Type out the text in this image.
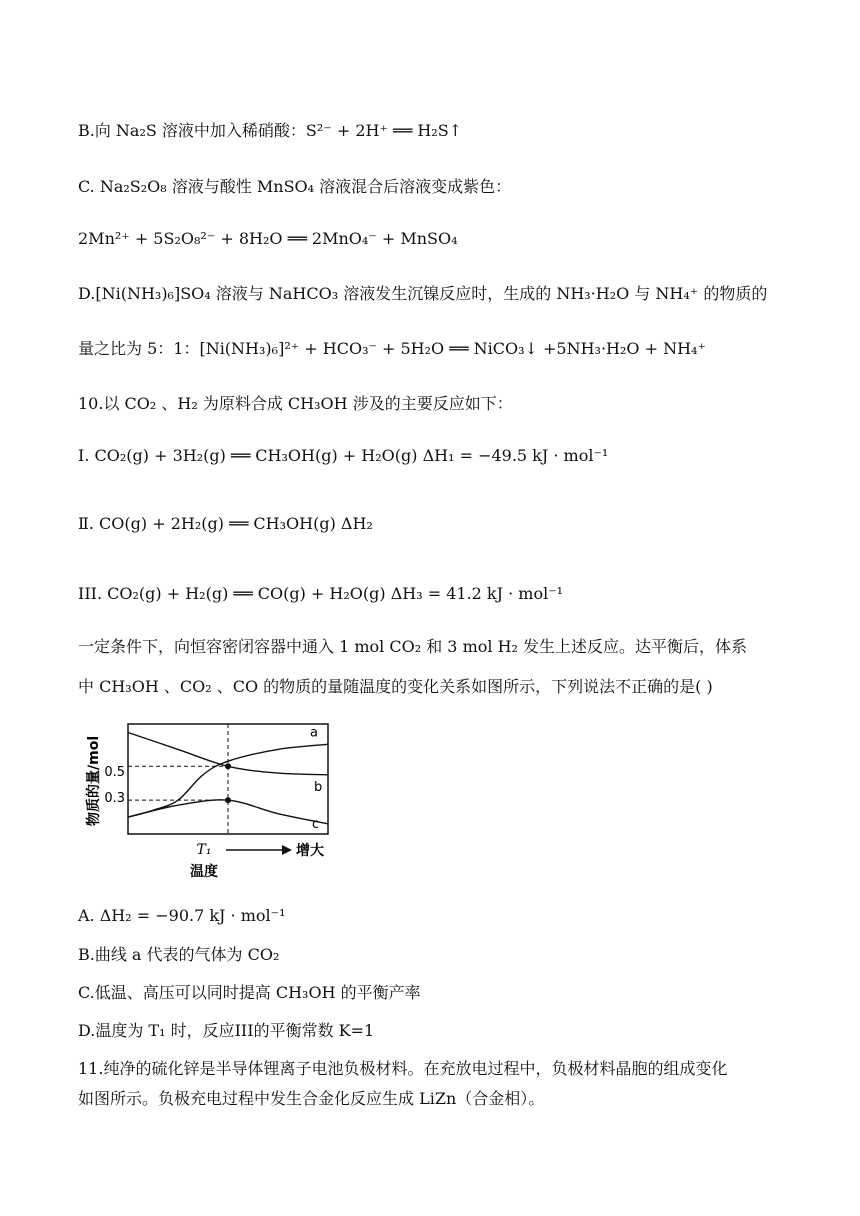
B.向 Na₂S 溶液中加入稀硝酸：S²⁻ + 2H⁺ ══ H₂S↑
C. Na₂S₂O₈ 溶液与酸性 MnSO₄ 溶液混合后溶液变成紫色：
2Mn²⁺ + 5S₂O₈²⁻ + 8H₂O ══ 2MnO₄⁻ + MnSO₄
D.[Ni(NH₃)₆]SO₄ 溶液与 NaHCO₃ 溶液发生沉镍反应时，生成的 NH₃·H₂O 与 NH₄⁺ 的物质的
量之比为 5：1：[Ni(NH₃)₆]²⁺ + HCO₃⁻ + 5H₂O ══ NiCO₃↓ +5NH₃·H₂O + NH₄⁺
10.以 CO₂ 、H₂ 为原料合成 CH₃OH 涉及的主要反应如下：
I. CO₂(g) + 3H₂(g) ══ CH₃OH(g) + H₂O(g) ΔH₁ = −49.5 kJ · mol⁻¹
Ⅱ. CO(g) + 2H₂(g) ══ CH₃OH(g) ΔH₂
III. CO₂(g) + H₂(g) ══ CO(g) + H₂O(g) ΔH₃ = 41.2 kJ · mol⁻¹
一定条件下，向恒容密闭容器中通入 1 mol CO₂ 和 3 mol H₂ 发生上述反应。达平衡后，体系
中 CH₃OH 、CO₂ 、CO 的物质的量随温度的变化关系如图所示，下列说法不正确的是( )
a
b
c
物质的量/mol 0.5
0.3
T₁	增大
温度
A. ΔH₂ = −90.7 kJ · mol⁻¹
B.曲线 a 代表的气体为 CO₂
C.低温、高压可以同时提高 CH₃OH 的平衡产率
D.温度为 T₁ 时，反应III的平衡常数 K=1
11.纯净的硫化锌是半导体锂离子电池负极材料。在充放电过程中，负极材料晶胞的组成变化
如图所示。负极充电过程中发生合金化反应生成 LiZn（合金相）。
